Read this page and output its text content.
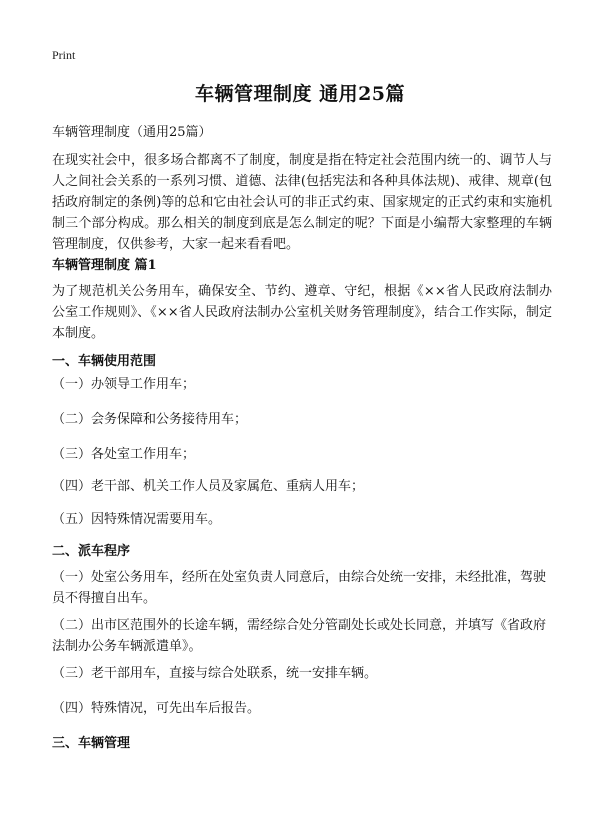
Print
车辆管理制度 通用25篇
车辆管理制度（通用25篇）
在现实社会中，很多场合都离不了制度，制度是指在特定社会范围内统一的、调节人与人之间社会关系的一系列习惯、道德、法律(包括宪法和各种具体法规)、戒律、规章(包括政府制定的条例)等的总和它由社会认可的非正式约束、国家规定的正式约束和实施机制三个部分构成。那么相关的制度到底是怎么制定的呢？下面是小编帮大家整理的车辆管理制度，仅供参考，大家一起来看看吧。
车辆管理制度 篇1
为了规范机关公务用车，确保安全、节约、遵章、守纪，根据《××省人民政府法制办公室工作规则》、《××省人民政府法制办公室机关财务管理制度》，结合工作实际，制定本制度。
一、车辆使用范围
（一）办领导工作用车；
（二）会务保障和公务接待用车；
（三）各处室工作用车；
（四）老干部、机关工作人员及家属危、重病人用车；
（五）因特殊情况需要用车。
二、派车程序
（一）处室公务用车，经所在处室负责人同意后，由综合处统一安排，未经批准，驾驶员不得擅自出车。
（二）出市区范围外的长途车辆，需经综合处分管副处长或处长同意，并填写《省政府法制办公务车辆派遣单》。
（三）老干部用车，直接与综合处联系，统一安排车辆。
（四）特殊情况，可先出车后报告。
三、车辆管理
